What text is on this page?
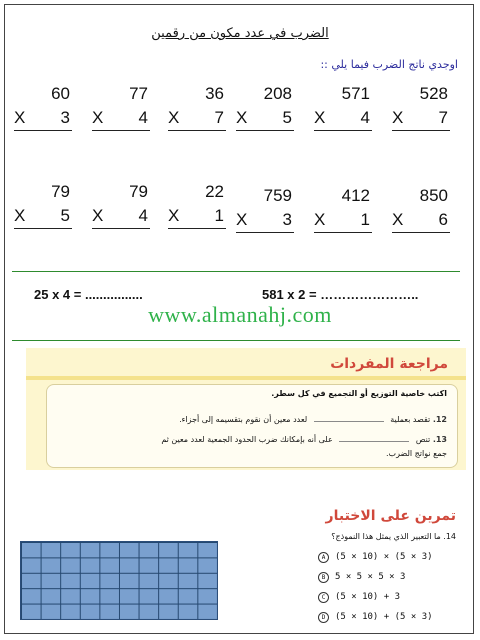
الضرب في عدد مكون من رقمين
اوجدي ناتج الضرب فيما يلي ::
60
X 3
77
X 4
36
X 7
208
X 5
571
X 4
528
X 7
79
X 5
79
X 4
22
X 1
759
X 3
412
X 1
850
X 6
25 x 4 = ................	581 x 2 = …………………..
www.almanahj.com
مراجعة المفردات
اكتب خاصية التوزيع أو التجميع في كل سطر.
12. تقصد بعملية  لعدد معين أن نقوم بتقسيمه إلى أجزاء.
13. تنص  على أنه بإمكانك ضرب الحدود الجمعية لعدد معين ثم
جمع نواتج الضرب.
تمرين على الاختبار
14. ما التعبير الذي يمثل هذا النموذج؟
A (5 × 10) × (5 × 3)
B 5 × 5 × 5 × 3
C (5 × 10) + 3
D (5 × 10) + (5 × 3)
